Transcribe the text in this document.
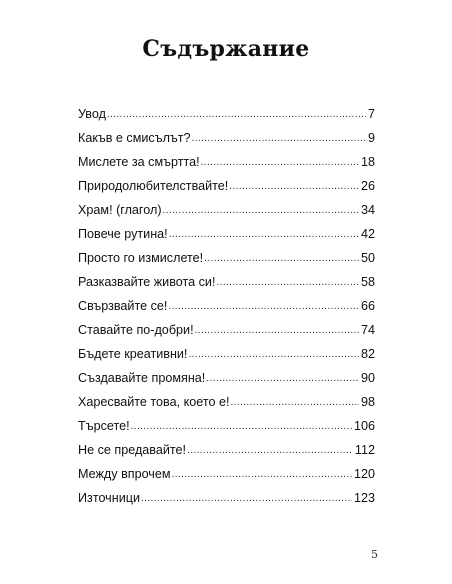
Съдържание
Увод .....	7
Какъв е смисълът? .....	9
Мислете за смъртта! .....	18
Природолюбителствайте! .....	26
Храм! (глагол) .....	34
Повече рутина! .....	42
Просто го измислете! .....	50
Разказвайте живота си! .....	58
Свързвайте се! .....	66
Ставайте по-добри! .....	74
Бъдете креативни! .....	82
Създавайте промяна! .....	90
Харесвайте това, което е! .....	98
Търсете! .....	106
Не се предавайте! .....	112
Между впрочем .....	120
Източници .....	123
5
